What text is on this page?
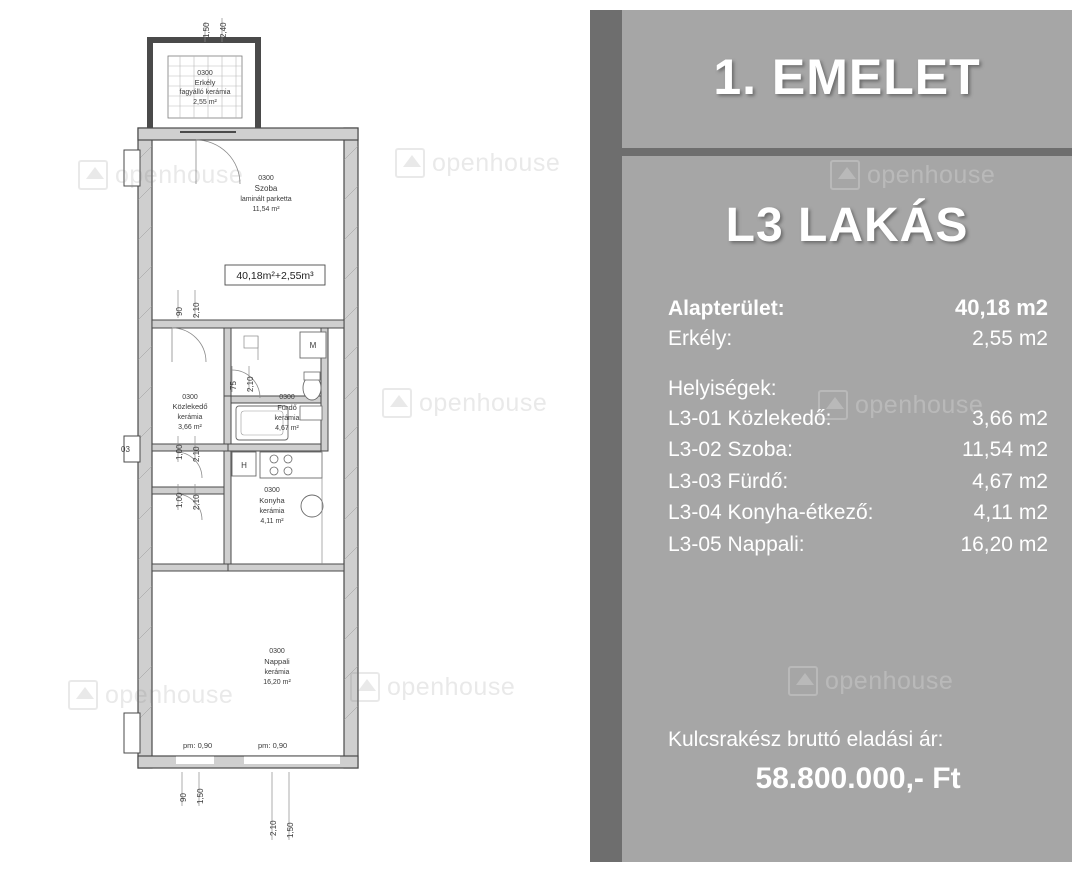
0300
Erkély
fagyálló kerámia
2,55 m²
0300
Szoba
laminált parketta
11,54 m²
0300
Közlekedő
kerámia
3,66 m²
0300
Fürdő
kerámia
4,67 m²
0300
Konyha
kerámia
4,11 m²
0300
Nappali
kerámia
16,20 m²
40,18m²+2,55m³
M
H
1,50 2,40
90 2,10
75 2,10
1,00 2,10
1,00 2,10
90 1,50
2,10 1,50
pm: 0,90	pm: 0,90
03
openhouse
openhouse
openhouse
openhouse
openhouse
1. EMELET
L3 LAKÁS
Alapterület:	40,18 m2
Erkély:	2,55 m2
Helyiségek:
L3-01 Közlekedő:	3,66 m2
L3-02 Szoba:	11,54 m2
L3-03 Fürdő:	4,67 m2
L3-04 Konyha-étkező:	4,11 m2
L3-05 Nappali:	16,20 m2
Kulcsrakész bruttó eladási ár:
58.800.000,- Ft
openhouse
openhouse
openhouse
